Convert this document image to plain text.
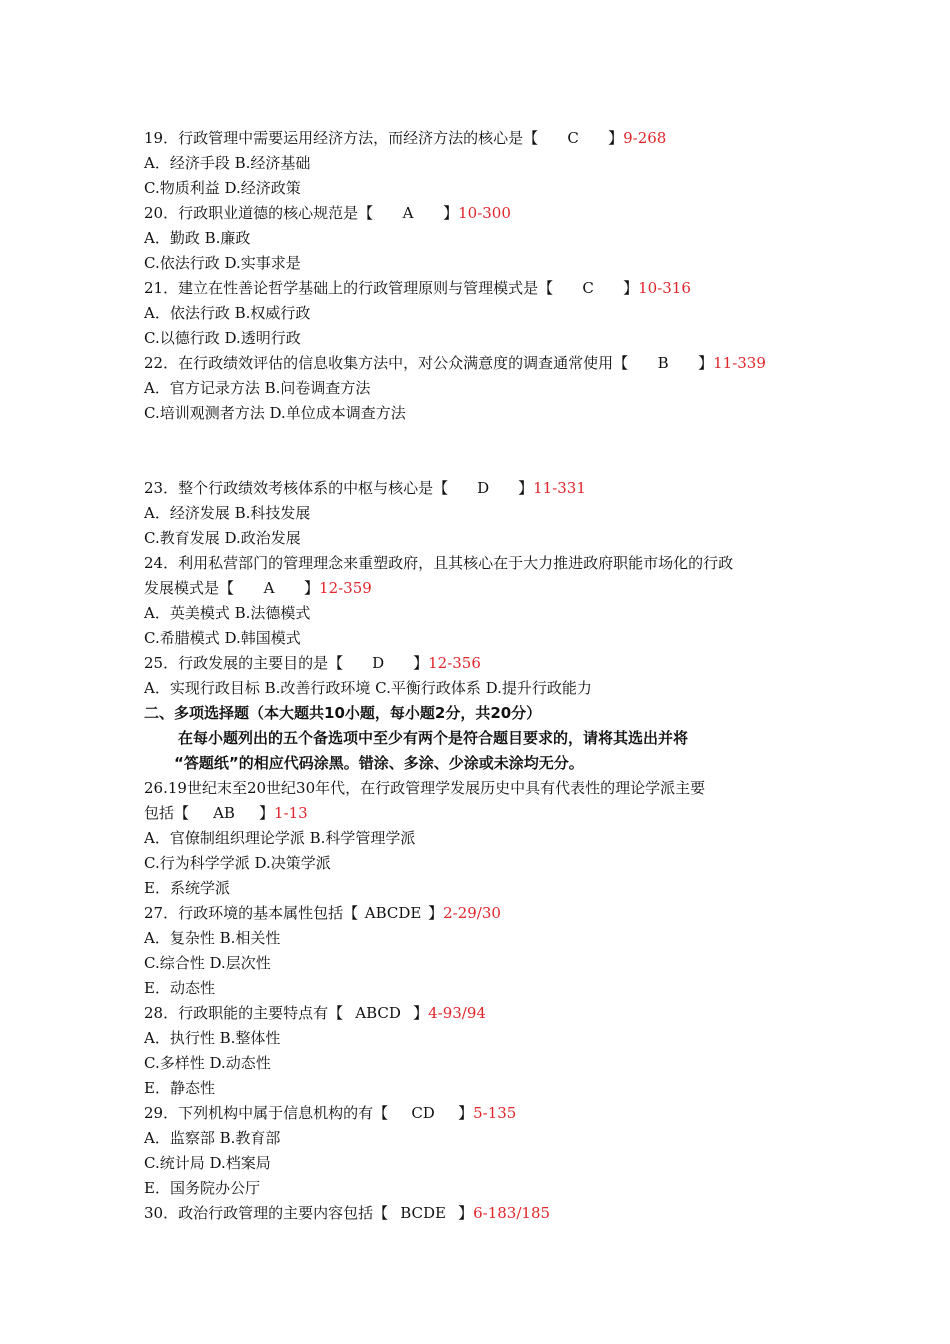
19．行政管理中需要运用经济方法，而经济方法的核心是【 C 】9-268
A．经济手段 B.经济基础
C.物质利益 D.经济政策
20．行政职业道德的核心规范是【 A 】10-300
A．勤政 B.廉政
C.依法行政 D.实事求是
21．建立在性善论哲学基础上的行政管理原则与管理模式是【 C 】10-316
A．依法行政 B.权威行政
C.以德行政 D.透明行政
22．在行政绩效评估的信息收集方法中，对公众满意度的调查通常使用【 B 】11-339
A．官方记录方法 B.问卷调查方法
C.培训观测者方法 D.单位成本调查方法
23．整个行政绩效考核体系的中枢与核心是【 D 】11-331
A．经济发展 B.科技发展
C.教育发展 D.政治发展
24．利用私营部门的管理理念来重塑政府，且其核心在于大力推进政府职能市场化的行政
发展模式是【 A 】12-359
A．英美模式 B.法德模式
C.希腊模式 D.韩国模式
25．行政发展的主要目的是【 D 】12-356
A．实现行政目标 B.改善行政环境 C.平衡行政体系 D.提升行政能力
二、多项选择题（本大题共10小题，每小题2分，共20分）
在每小题列出的五个备选项中至少有两个是符合题目要求的，请将其选出并将
“答题纸”的相应代码涂黑。错涂、多涂、少涂或未涂均无分。
26.19世纪末至20世纪30年代，在行政管理学发展历史中具有代表性的理论学派主要
包括【 AB 】1-13
A．官僚制组织理论学派 B.科学管理学派
C.行为科学学派 D.决策学派
E．系统学派
27．行政环境的基本属性包括【 ABCDE 】2-29/30
A．复杂性 B.相关性
C.综合性 D.层次性
E．动态性
28．行政职能的主要特点有【 ABCD 】4-93/94
A．执行性 B.整体性
C.多样性 D.动态性
E．静态性
29．下列机构中属于信息机构的有【 CD 】5-135
A．监察部 B.教育部
C.统计局 D.档案局
E．国务院办公厅
30．政治行政管理的主要内容包括【 BCDE 】6-183/185
